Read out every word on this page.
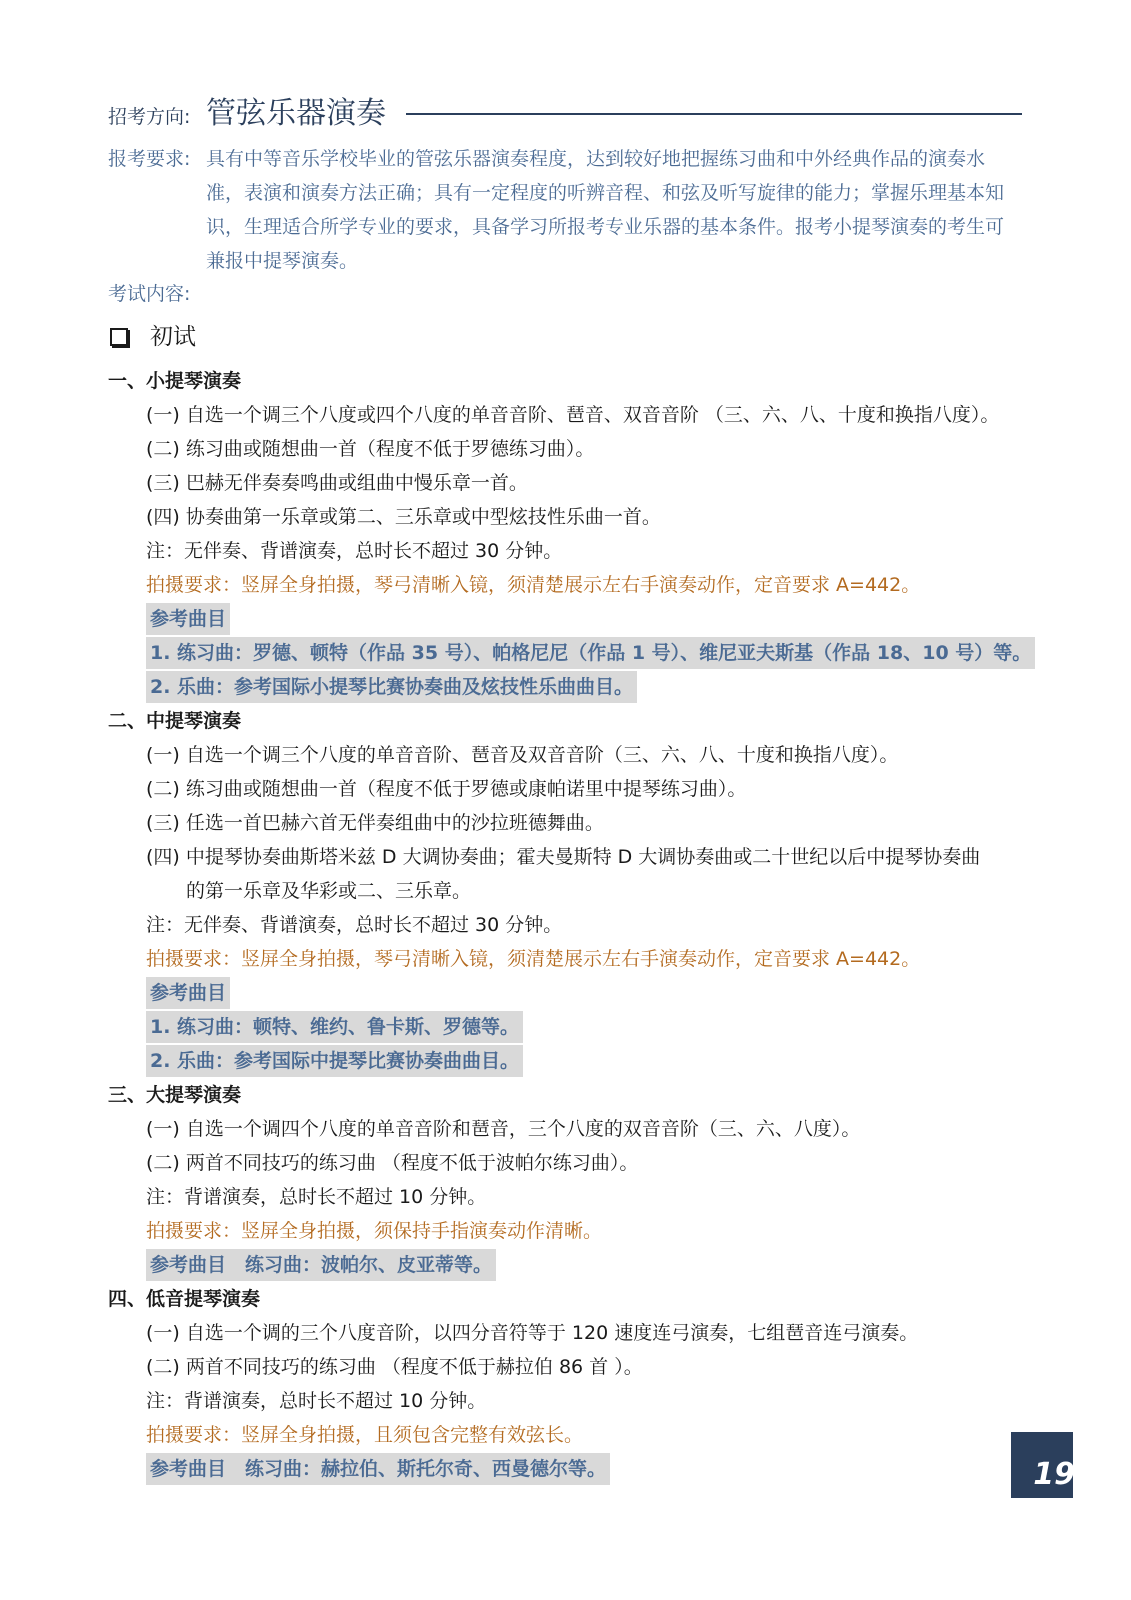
招考方向: 管弦乐器演奏
报考要求: 具有中等音乐学校毕业的管弦乐器演奏程度，达到较好地把握练习曲和中外经典作品的演奏水准，表演和演奏方法正确；具有一定程度的听辨音程、和弦及听写旋律的能力；掌握乐理基本知识，生理适合所学专业的要求，具备学习所报考专业乐器的基本条件。报考小提琴演奏的考生可兼报中提琴演奏。
考试内容:
初试
一、小提琴演奏
(一) 自选一个调三个八度或四个八度的单音音阶、琶音、双音音阶 （三、六、八、十度和换指八度）。
(二) 练习曲或随想曲一首（程度不低于罗德练习曲）。
(三) 巴赫无伴奏奏鸣曲或组曲中慢乐章一首。
(四) 协奏曲第一乐章或第二、三乐章或中型炫技性乐曲一首。
注：无伴奏、背谱演奏，总时长不超过 30 分钟。
拍摄要求：竖屏全身拍摄，琴弓清晰入镜，须清楚展示左右手演奏动作，定音要求 A=442。
参考曲目
1. 练习曲：罗德、顿特（作品 35 号）、帕格尼尼（作品 1 号）、维尼亚夫斯基（作品 18、10 号）等。
2. 乐曲：参考国际小提琴比赛协奏曲及炫技性乐曲曲目。
二、中提琴演奏
(一) 自选一个调三个八度的单音音阶、琶音及双音音阶（三、六、八、十度和换指八度）。
(二) 练习曲或随想曲一首（程度不低于罗德或康帕诺里中提琴练习曲）。
(三) 任选一首巴赫六首无伴奏组曲中的沙拉班德舞曲。
(四) 中提琴协奏曲斯塔米兹 D 大调协奏曲；霍夫曼斯特 D 大调协奏曲或二十世纪以后中提琴协奏曲
的第一乐章及华彩或二、三乐章。
注：无伴奏、背谱演奏，总时长不超过 30 分钟。
拍摄要求：竖屏全身拍摄，琴弓清晰入镜，须清楚展示左右手演奏动作，定音要求 A=442。
参考曲目
1. 练习曲：顿特、维约、鲁卡斯、罗德等。
2. 乐曲：参考国际中提琴比赛协奏曲曲目。
三、大提琴演奏
(一) 自选一个调四个八度的单音音阶和琶音，三个八度的双音音阶（三、六、八度）。
(二) 两首不同技巧的练习曲 （程度不低于波帕尔练习曲）。
注：背谱演奏，总时长不超过 10 分钟。
拍摄要求：竖屏全身拍摄，须保持手指演奏动作清晰。
参考曲目　练习曲：波帕尔、皮亚蒂等。
四、低音提琴演奏
(一) 自选一个调的三个八度音阶，以四分音符等于 120 速度连弓演奏，七组琶音连弓演奏。
(二) 两首不同技巧的练习曲 （程度不低于赫拉伯 86 首 ）。
注：背谱演奏，总时长不超过 10 分钟。
拍摄要求：竖屏全身拍摄，且须包含完整有效弦长。
参考曲目　练习曲：赫拉伯、斯托尔奇、西曼德尔等。	19
